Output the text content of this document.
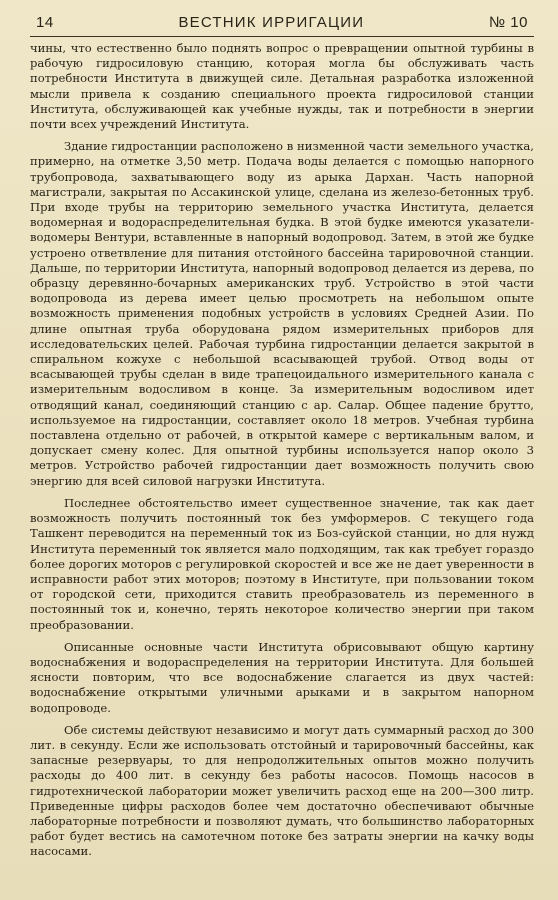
14	ВЕСТНИК ИРРИГАЦИИ	№ 10

чины, что естественно было поднять вопрос о превращении опытной турбины в рабочую гидросиловую станцию, которая могла бы обслуживать часть потребности Института в движущей силе. Детальная разработка изложенной мысли привела к созданию специального проекта гидросиловой станции Института, обслуживающей как учебные нужды, так и потребности в энергии почти всех учреждений Института.

Здание гидростанции расположено в низменной части земельного участка, примерно, на отметке 3,50 метр. Подача воды делается с помощью напорного трубопровода, захватывающего воду из арыка Дархан. Часть напорной магистрали, закрытая по Ассакинской улице, сделана из железо-бетонных труб. При входе трубы на территорию земельного участка Института, делается водомерная и водораспределительная будка. В этой будке имеются указатели-водомеры Вентури, вставленные в напорный водопровод. Затем, в этой же будке устроено ответвление для питания отстойного бассейна тарировочной станции. Дальше, по территории Института, напорный водопровод делается из дерева, по образцу деревянно-бочарных американских труб. Устройство в этой части водопровода из дерева имеет целью просмотреть на небольшом опыте возможность применения подобных устройств в условиях Средней Азии. По длине опытная труба оборудована рядом измерительных приборов для исследовательских целей. Рабочая турбина гидростанции делается закрытой в спиральном кожухе с небольшой всасывающей трубой. Отвод воды от всасывающей трубы сделан в виде трапецоидального измерительного канала с измерительным водосливом в конце. За измерительным водосливом идет отводящий канал, соединяющий станцию с ар. Салар. Общее падение брутто, используемое на гидростанции, составляет около 18 метров. Учебная турбина поставлена отдельно от рабочей, в открытой камере с вертикальным валом, и допускает смену колес. Для опытной турбины используется напор около 3 метров. Устройство рабочей гидростанции дает возможность получить свою энергию для всей силовой нагрузки Института.

Последнее обстоятельство имеет существенное значение, так как дает возможность получить постоянный ток без умформеров. С текущего года Ташкент переводится на переменный ток из Боз-суйской станции, но для нужд Института переменный ток является мало подходящим, так как требует гораздо более дорогих моторов с регулировкой скоростей и все же не дает уверенности в исправности работ этих моторов; поэтому в Институте, при пользовании током от городской сети, приходится ставить преобразователь из переменного в постоянный ток и, конечно, терять некоторое количество энергии при таком преобразовании.

Описанные основные части Института обрисовывают общую картину водоснабжения и водораспределения на территории Института. Для большей ясности повторим, что все водоснабжение слагается из двух частей: водоснабжение открытыми уличными арыками и в закрытом напорном водопроводе.

Обе системы действуют независимо и могут дать суммарный расход до 300 лит. в секунду. Если же использовать отстойный и тарировочный бассейны, как запасные резервуары, то для непродолжительных опытов можно получить расходы до 400 лит. в секунду без работы насосов. Помощь насосов в гидротехнической лаборатории может увеличить расход еще на 200—300 литр. Приведенные цифры расходов более чем достаточно обеспечивают обычные лабораторные потребности и позволяют думать, что большинство лабораторных работ будет вестись на самотечном потоке без затраты энергии на качку воды насосами.
